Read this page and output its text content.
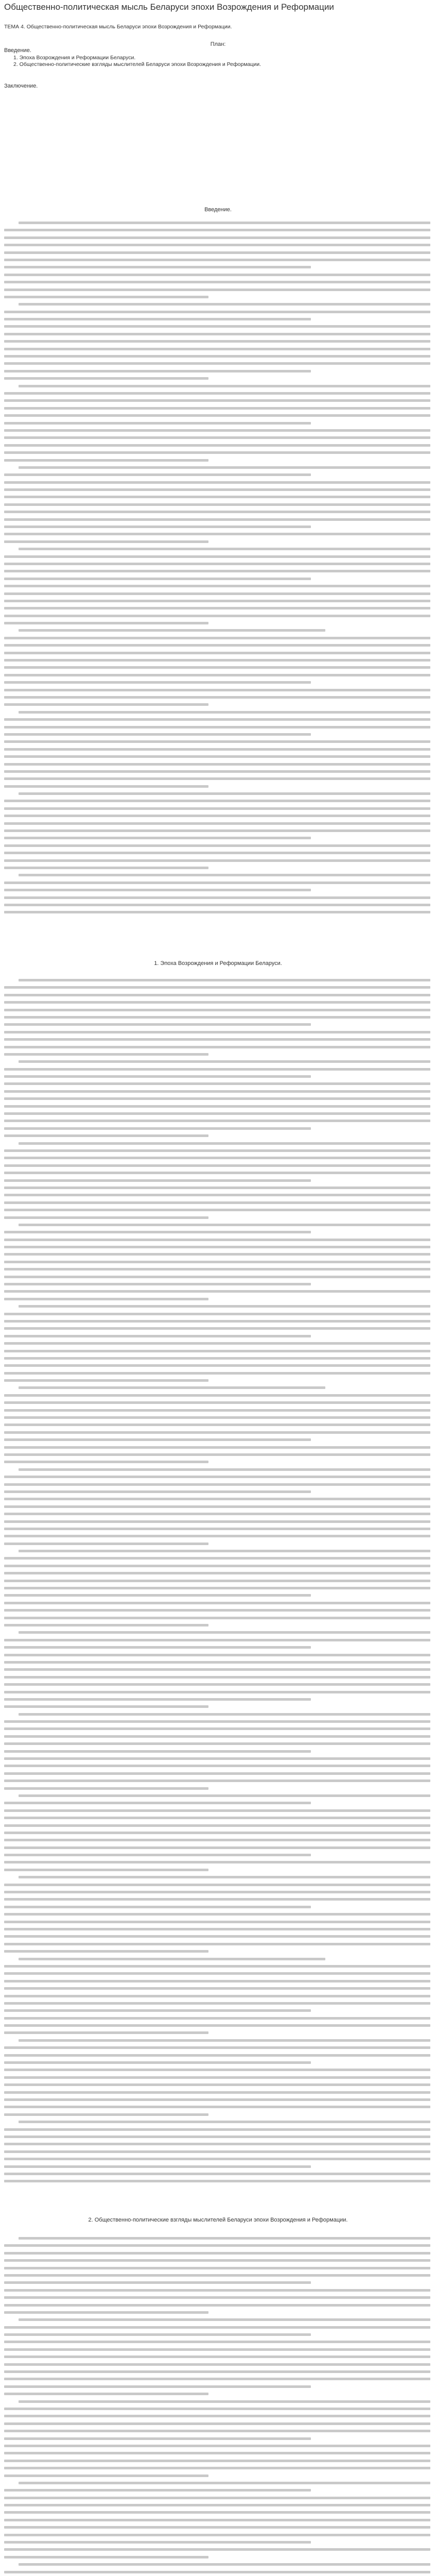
Общественно-политическая мысль Беларуси эпохи Возрождения и Реформации

ТЕМА 4. Общественно-политическая мысль Беларуси эпохи Возрождения и Реформации.

План:

Введение.

1. Эпоха Возрождения и Реформации Беларуси.
2. Общественно-политические взгляды мыслителей Беларуси эпохи Возрождения и Реформации.

Заключение.

Введение.

1. Эпоха Возрождения и Реформации Беларуси.

2. Общественно-политические взгляды мыслителей Беларуси эпохи Возрождения и Реформации.
